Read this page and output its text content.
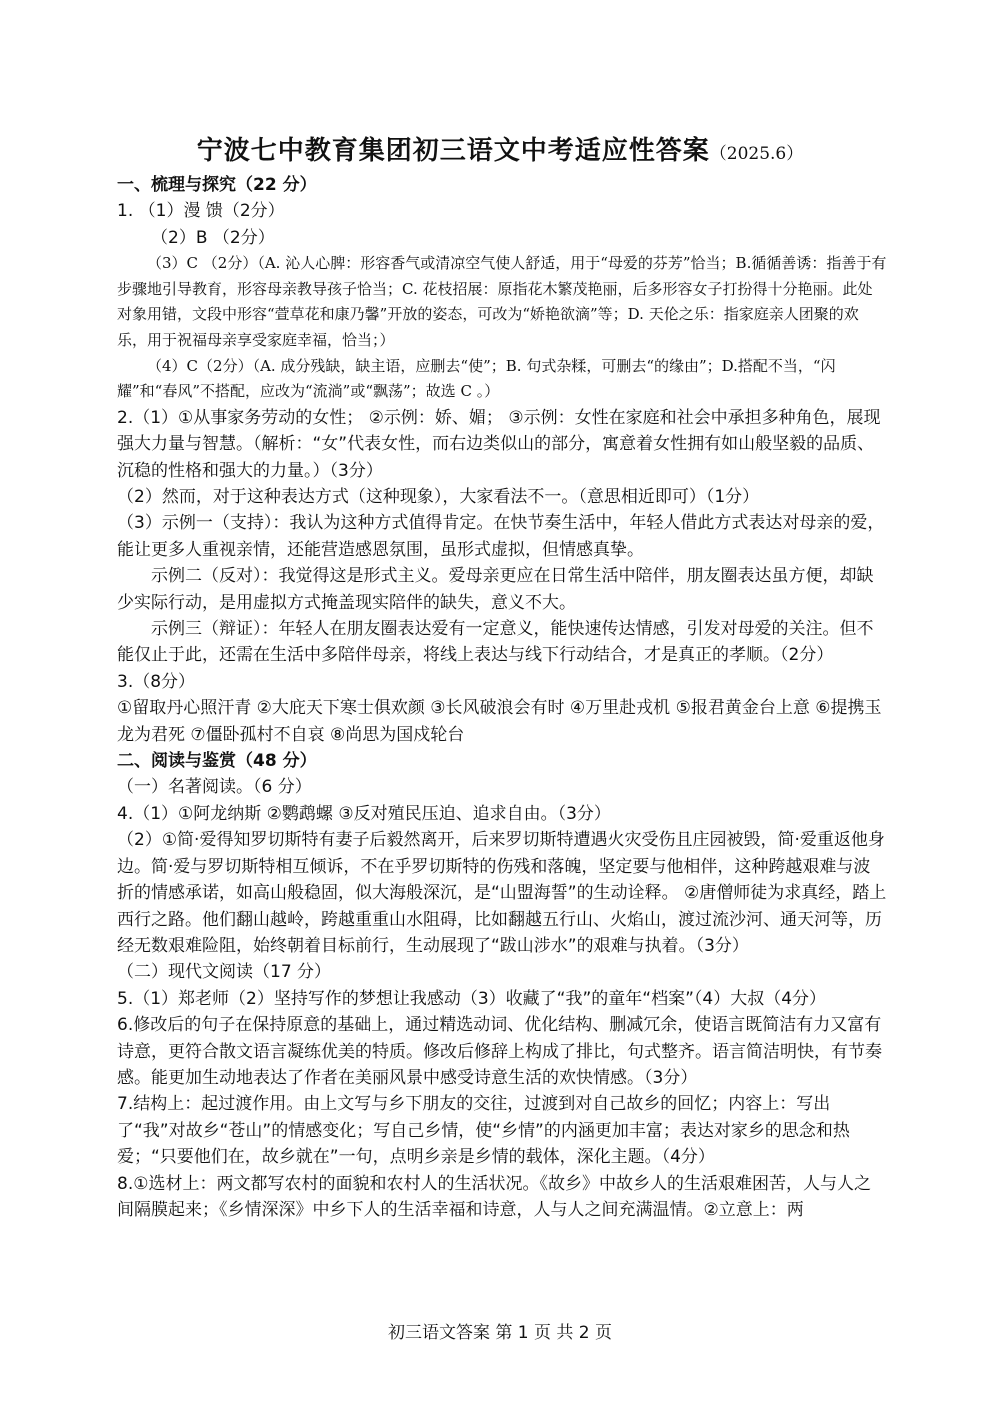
宁波七中教育集团初三语文中考适应性答案（2025.6）

一、梳理与探究（22 分）

1. （1）漫 馈（2分）

（2）B （2分）

（3）C （2分）（A. 沁人心脾：形容香气或清凉空气使人舒适，用于“母爱的芬芳”恰当；B.循循善诱：指善于有步骤地引导教育，形容母亲教导孩子恰当；C. 花枝招展：原指花木繁茂艳丽，后多形容女子打扮得十分艳丽。此处对象用错，文段中形容“萱草花和康乃馨”开放的姿态，可改为“娇艳欲滴”等；D. 天伦之乐：指家庭亲人团聚的欢乐，用于祝福母亲享受家庭幸福，恰当；）

（4）C（2分）（A. 成分残缺，缺主语，应删去“使”；B. 句式杂糅，可删去“的缘由”；D.搭配不当，“闪耀”和“春风”不搭配，应改为“流淌”或“飘荡”；故选 C 。）

2.（1）①从事家务劳动的女性； ②示例：娇、媚； ③示例：女性在家庭和社会中承担多种角色，展现强大力量与智慧。（解析：“女”代表女性，而右边类似山的部分，寓意着女性拥有如山般坚毅的品质、沉稳的性格和强大的力量。）（3分）

（2）然而，对于这种表达方式（这种现象），大家看法不一。（意思相近即可）（1分）

（3）示例一（支持）：我认为这种方式值得肯定。在快节奏生活中，年轻人借此方式表达对母亲的爱，能让更多人重视亲情，还能营造感恩氛围，虽形式虚拟，但情感真挚。

示例二（反对）：我觉得这是形式主义。爱母亲更应在日常生活中陪伴，朋友圈表达虽方便，却缺少实际行动，是用虚拟方式掩盖现实陪伴的缺失，意义不大。

示例三（辩证）：年轻人在朋友圈表达爱有一定意义，能快速传达情感，引发对母爱的关注。但不能仅止于此，还需在生活中多陪伴母亲，将线上表达与线下行动结合，才是真正的孝顺。（2分）

3.（8分）

①留取丹心照汗青 ②大庇天下寒士俱欢颜 ③长风破浪会有时 ④万里赴戎机 ⑤报君黄金台上意 ⑥提携玉龙为君死 ⑦僵卧孤村不自哀 ⑧尚思为国戍轮台

二、阅读与鉴赏（48 分）

（一）名著阅读。（6 分）

4.（1）①阿龙纳斯 ②鹦鹉螺 ③反对殖民压迫、追求自由。（3分）

（2）①简·爱得知罗切斯特有妻子后毅然离开，后来罗切斯特遭遇火灾受伤且庄园被毁，简·爱重返他身边。简·爱与罗切斯特相互倾诉，不在乎罗切斯特的伤残和落魄，坚定要与他相伴，这种跨越艰难与波折的情感承诺，如高山般稳固，似大海般深沉，是“山盟海誓”的生动诠释。 ②唐僧师徒为求真经，踏上西行之路。他们翻山越岭，跨越重重山水阻碍，比如翻越五行山、火焰山，渡过流沙河、通天河等，历经无数艰难险阻，始终朝着目标前行，生动展现了“跋山涉水”的艰难与执着。（3分）

（二）现代文阅读（17 分）

5.（1）郑老师（2）坚持写作的梦想让我感动（3）收藏了“我”的童年“档案”（4）大叔（4分）

6.修改后的句子在保持原意的基础上，通过精选动词、优化结构、删减冗余，使语言既简洁有力又富有诗意，更符合散文语言凝练优美的特质。修改后修辞上构成了排比，句式整齐。语言简洁明快，有节奏感。能更加生动地表达了作者在美丽风景中感受诗意生活的欢快情感。（3分）

7.结构上：起过渡作用。由上文写与乡下朋友的交往，过渡到对自己故乡的回忆；内容上：写出了“我”对故乡“苍山”的情感变化；写自己乡情，使“乡情”的内涵更加丰富；表达对家乡的思念和热爱；“只要他们在，故乡就在”一句，点明乡亲是乡情的载体，深化主题。（4分）

8.①选材上：两文都写农村的面貌和农村人的生活状况。《故乡》中故乡人的生活艰难困苦，人与人之间隔膜起来；《乡情深深》中乡下人的生活幸福和诗意，人与人之间充满温情。②立意上：两

初三语文答案 第 1 页 共 2 页
